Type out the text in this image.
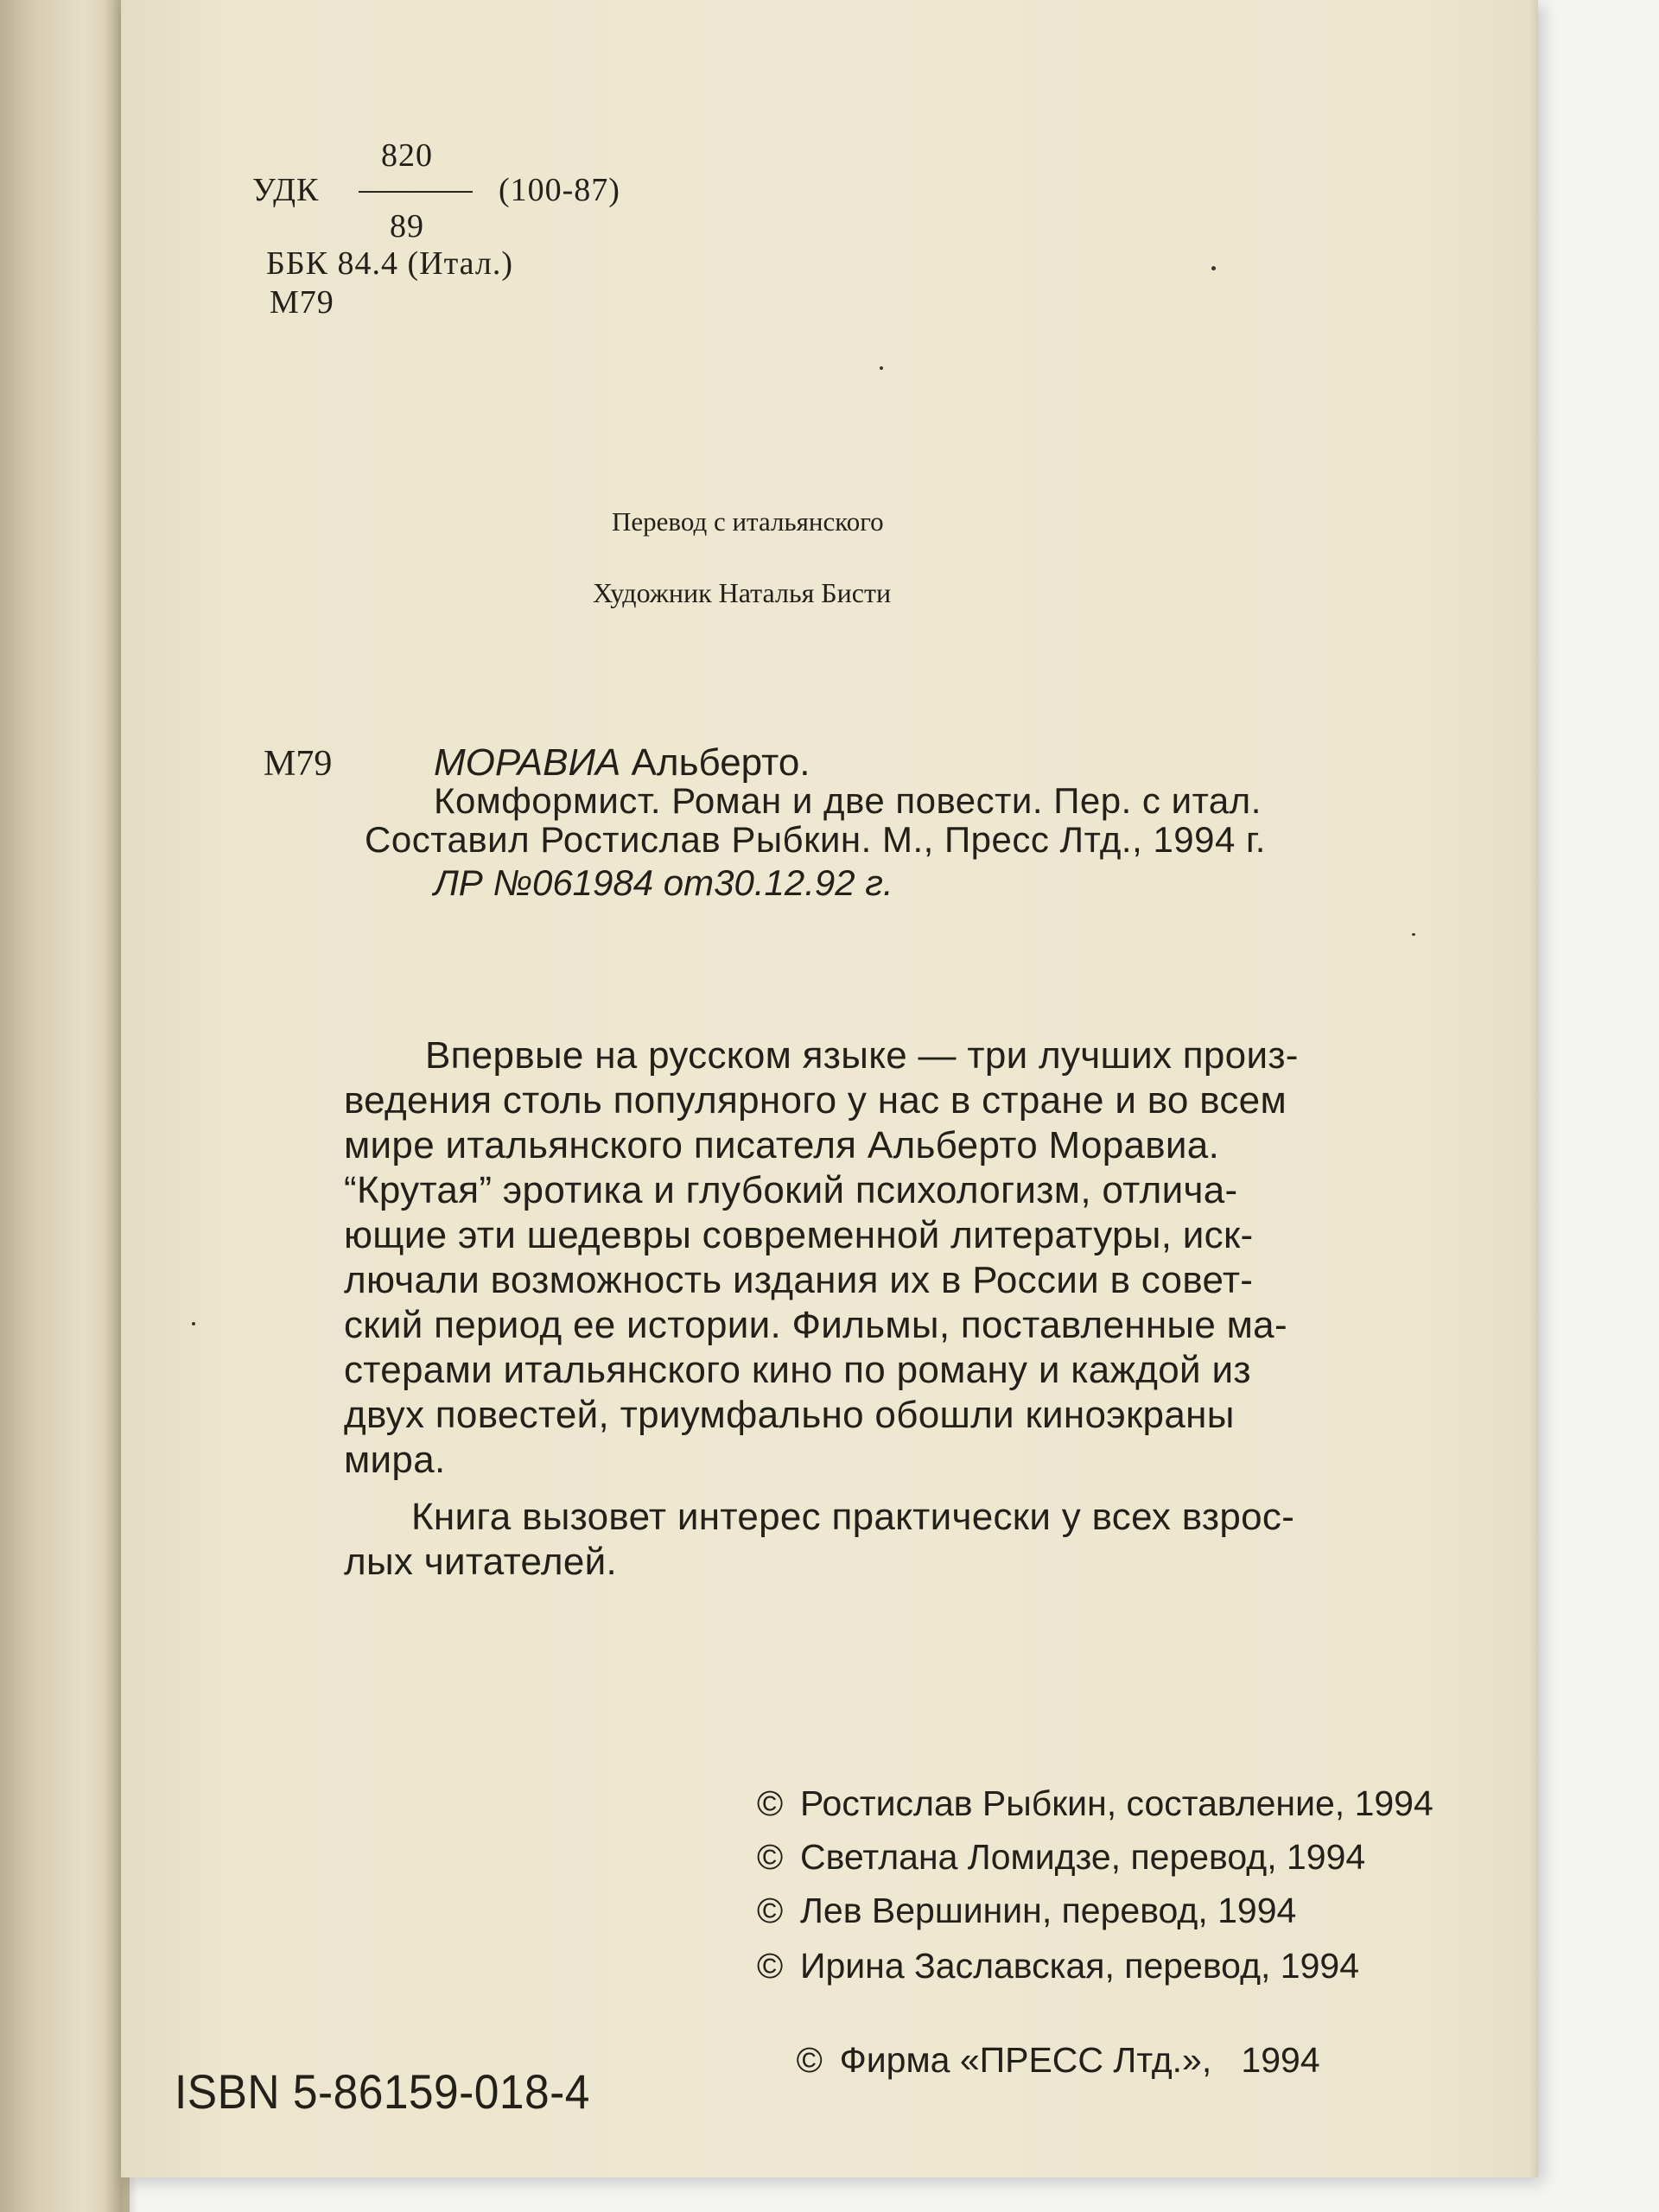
УДК
820
89
(100-87)
ББК 84.4 (Итал.)
М79
Перевод с итальянского
Художник Наталья Бисти
М79	МОРАВИА Альберто.
Комформист. Роман и две повести. Пер. с итал.
Составил Ростислав Рыбкин. М., Пресс Лтд., 1994 г.
ЛР №061984 от30.12.92 г.
Впервые на русском языке — три лучших произ-
ведения столь популярного у нас в стране и во всем
мире итальянского писателя Альберто Моравиа.
“Крутая” эротика и глубокий психологизм, отлича-
ющие эти шедевры современной литературы, иск-
лючали возможность издания их в России в совет-
ский период ее истории. Фильмы, поставленные ма-
стерами итальянского кино по роману и каждой из
двух повестей, триумфально обошли киноэкраны
мира.
Книга вызовет интерес практически у всех взрос-
лых читателей.
© Ростислав Рыбкин, составление, 1994
© Светлана Ломидзе, перевод, 1994
© Лев Вершинин, перевод, 1994
© Ирина Заславская, перевод, 1994

© Фирма «ПРЕСС Лтд.»,   1994

ISBN 5-86159-018-4
